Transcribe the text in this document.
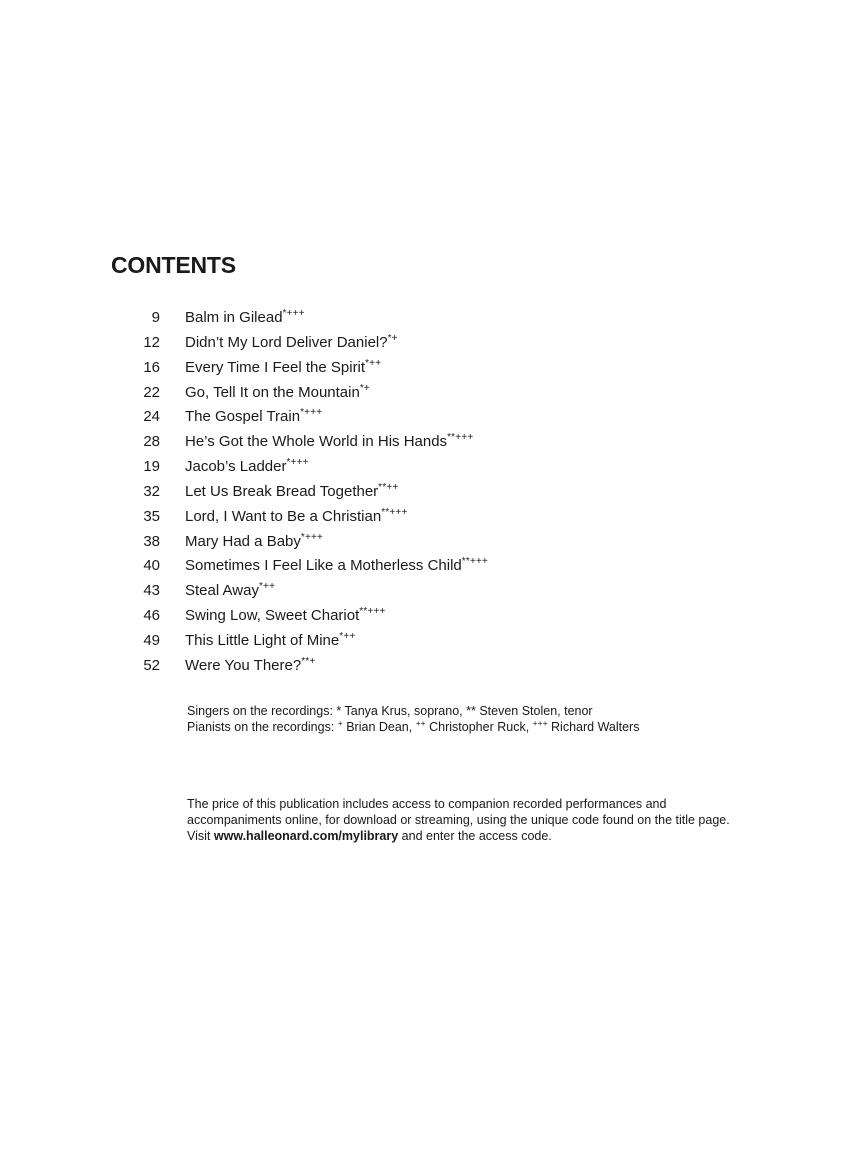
CONTENTS
9 Balm in Gilead*+++
12 Didn’t My Lord Deliver Daniel?*+
16 Every Time I Feel the Spirit*++
22 Go, Tell It on the Mountain*+
24 The Gospel Train*+++
28 He’s Got the Whole World in His Hands**+++
19 Jacob’s Ladder*+++
32 Let Us Break Bread Together**++
35 Lord, I Want to Be a Christian**+++
38 Mary Had a Baby*+++
40 Sometimes I Feel Like a Motherless Child**+++
43 Steal Away*++
46 Swing Low, Sweet Chariot**+++
49 This Little Light of Mine*++
52 Were You There?**+
Singers on the recordings: * Tanya Krus, soprano, ** Steven Stolen, tenor
Pianists on the recordings: + Brian Dean, ++ Christopher Ruck, +++ Richard Walters
The price of this publication includes access to companion recorded performances and
accompaniments online, for download or streaming, using the unique code found on the title page.
Visit www.halleonard.com/mylibrary and enter the access code.
